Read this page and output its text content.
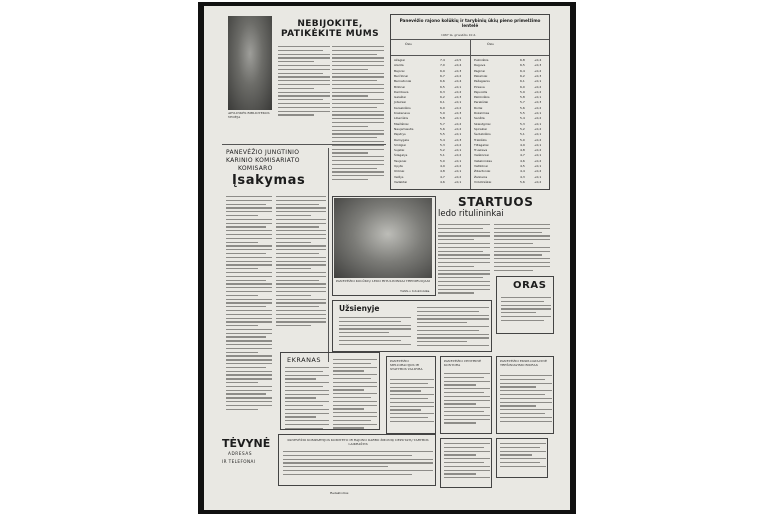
APYLINKĖS BIBLIOTEKOS VEDĖJA
NEBIJOKITE, PATIKĖKITE MUMS
PANEVĖŽIO JUNGTINIO
KARINIO KOMISARIATO
KOMISARO
Įsakymas
Panevėžio rajono kolūkių ir tarybinių ūkių pieno primelžimo lentelė
1967 m. gruodžio 10 d.
Ūkis	Ūkis
Ažagiai	7,4	+0,5
Alanta	7,0	+0,4
Bajorai	6,9	+0,3
Berčiūnai	6,7	+0,2
Bernatoniai	6,6	+0,4
Biliūnai	6,5	+0,1
Dembava	6,3	+0,2
Gelažiai	6,2	+0,3
Jotainiai	6,1	+0,1
Karsakiškis	6,0	+0,2
Krekenava	5,9	+0,3
Liberiškis	5,8	+0,1
Miežiškiai	5,7	+0,2
Naujamiestis	5,6	+0,2
Paįstrys	5,5	+0,1
Ramygala	5,4	+0,3
Smilgiai	5,3	+0,2
Sujetai	5,2	+0,1
Šilagalys	5,1	+0,2
Taujėnai	5,0	+0,1
Upytė	4,9	+0,2
Uliūnai	4,8	+0,1
Velžys	4,7	+0,2
Vadaktai	4,6	+0,1
Puziniškis	6,8	+0,4
Raguva	6,5	+0,3
Pagiriai	6,4	+0,2
Pakalniai	6,2	+0,3
Pažagienis	6,1	+0,1
Piniava	6,0	+0,2
Pajuostis	5,9	+0,2
Paliūniškis	5,8	+0,1
Perekšliai	5,7	+0,3
Rodai	5,6	+0,2
Rozalimas	5,5	+0,1
Sanžilė	5,4	+0,2
Skaistgiriai	5,3	+0,1
Spirakiai	5,2	+0,2
Šeduikiškis	5,1	+0,1
Trakiškis	5,0	+0,2
Tiltagaliai	4,9	+0,1
Truskava	4,8	+0,2
Vaiškoniai	4,7	+0,1
Vabalninkas	4,6	+0,2
Vaitkūnai	4,5	+0,1
Žibartoniai	4,4	+0,2
Žaliosios	4,3	+0,1
Vidutiniškai	5,6	+0,2
PANEVĖŽIO KOLŪKIŲ LEDO RITULININKAI TRENIRUOJASI
TASS-o fotokronika
STARTUOS
ledo ritulininkai
ORAS
Užsienyje
EKRANAS	PANEVĖŽIO MELIORACIJOS IR STATYBOS VALDYBA
PANEVĖŽIO CENTRINĖ KONTORA
PANEVĖŽIO EKSPLOATACINĖ TREŠINIAVIMO BIURAS
TĖVYNĖ
ADRESAS
IR TELEFONAI
PANEVĖŽIO KOMPARTIJOS KOMITETO IR RAJONO DARBO ŽMONIŲ DEPUTATŲ TARYBOS LAIKRAŠTIS
Redaktorius
